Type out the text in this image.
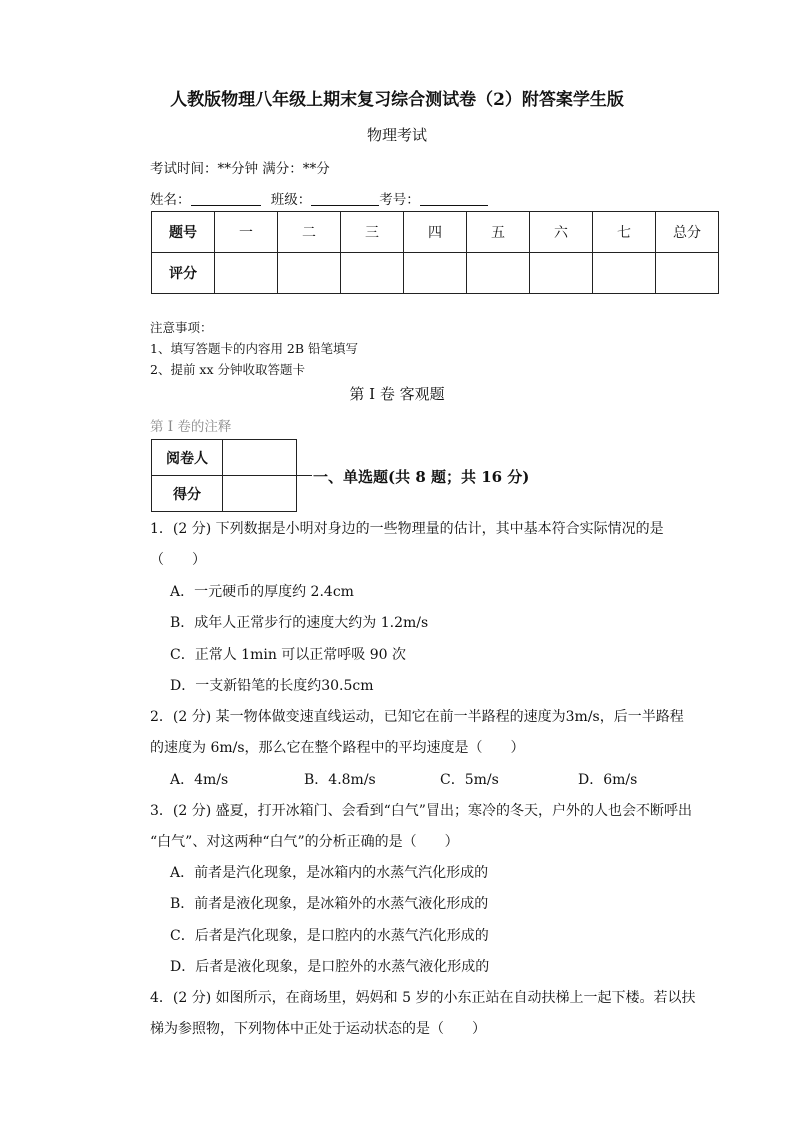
人教版物理八年级上期末复习综合测试卷（2）附答案学生版
物理考试
考试时间：**分钟 满分：**分
姓名：	班级：	考号：
题号	一	二	三	四	五	六	七	总分
评分								
注意事项：
1、填写答题卡的内容用 2B 铅笔填写
2、提前 xx 分钟收取答题卡
第 I 卷 客观题
第 I 卷的注释
阅卷人	
得分	
一、单选题(共 8 题；共 16 分)
1．(2 分) 下列数据是小明对身边的一些物理量的估计，其中基本符合实际情况的是
（　　）
A．一元硬币的厚度约 2.4cm
B．成年人正常步行的速度大约为 1.2m/s
C．正常人 1min 可以正常呼吸 90 次
D．一支新铅笔的长度约30.5cm
2．(2 分) 某一物体做变速直线运动，已知它在前一半路程的速度为3m/s，后一半路程
的速度为 6m/s，那么它在整个路程中的平均速度是（　　）
A．4m/s	B．4.8m/s	C．5m/s	D．6m/s
3．(2 分) 盛夏，打开冰箱门、会看到“白气”冒出；寒冷的冬天，户外的人也会不断呼出
“白气”、对这两种“白气”的分析正确的是（　　）
A．前者是汽化现象，是冰箱内的水蒸气汽化形成的
B．前者是液化现象，是冰箱外的水蒸气液化形成的
C．后者是汽化现象，是口腔内的水蒸气汽化形成的
D．后者是液化现象，是口腔外的水蒸气液化形成的
4．(2 分) 如图所示，在商场里，妈妈和 5 岁的小东正站在自动扶梯上一起下楼。若以扶
梯为参照物，下列物体中正处于运动状态的是（　　）
